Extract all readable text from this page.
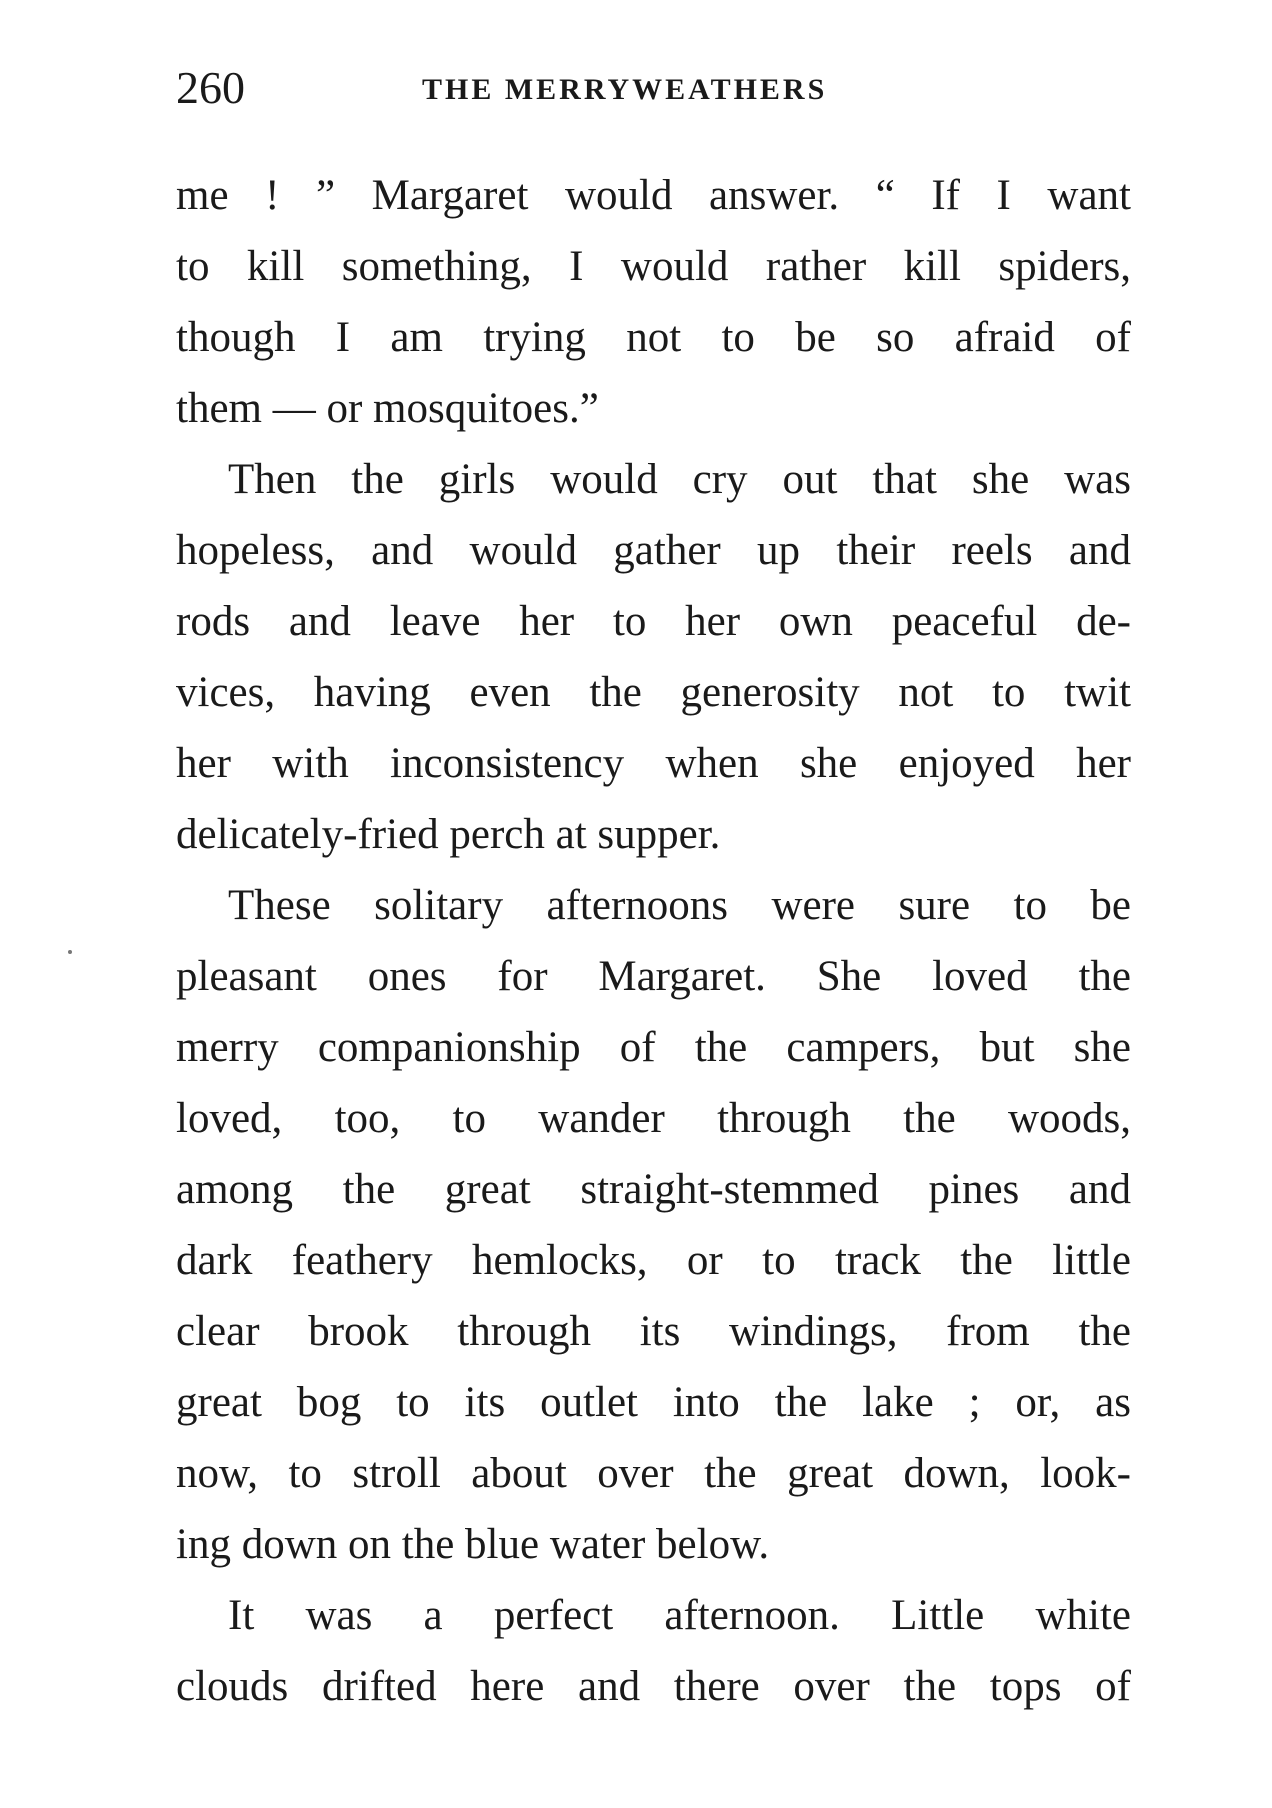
260	THE MERRYWEATHERS
me ! ” Margaret would answer. “ If I want
to kill something, I would rather kill spiders,
though I am trying not to be so afraid of
them — or mosquitoes.”
Then the girls would cry out that she was
hopeless, and would gather up their reels and
rods and leave her to her own peaceful de-
vices, having even the generosity not to twit
her with inconsistency when she enjoyed her
delicately-fried perch at supper.
These solitary afternoons were sure to be
pleasant ones for Margaret. She loved the
merry companionship of the campers, but she
loved, too, to wander through the woods,
among the great straight-stemmed pines and
dark feathery hemlocks, or to track the little
clear brook through its windings, from the
great bog to its outlet into the lake ; or, as
now, to stroll about over the great down, look-
ing down on the blue water below.
It was a perfect afternoon. Little white
clouds drifted here and there over the tops of
